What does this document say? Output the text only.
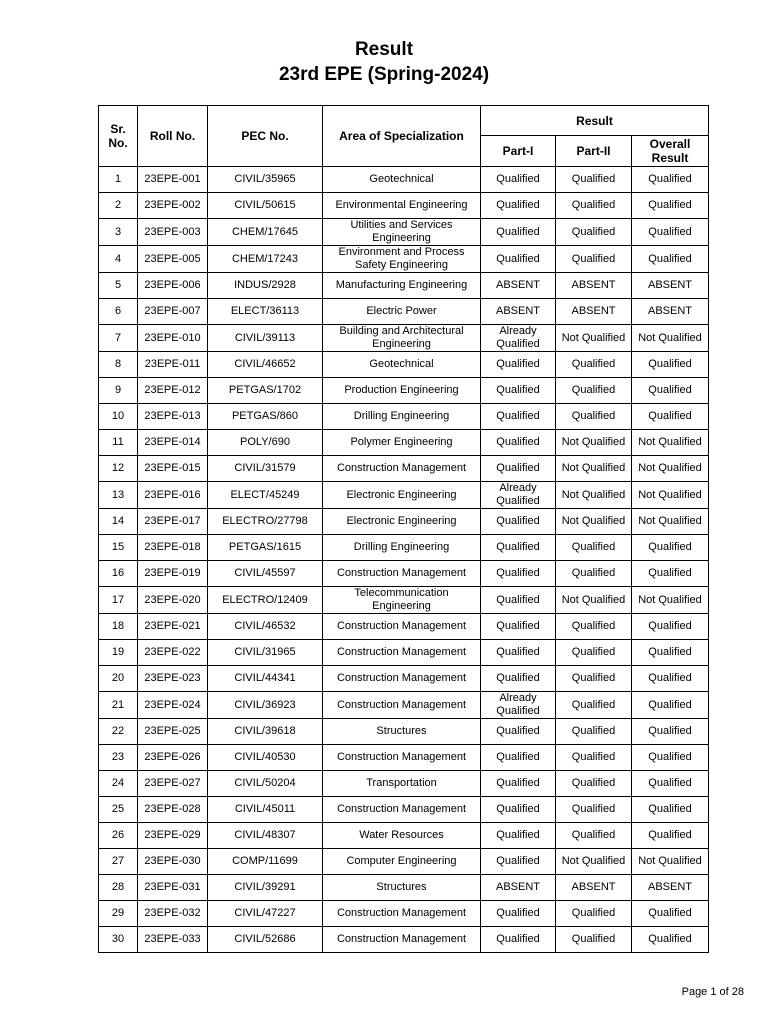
Result
23rd EPE (Spring-2024)
Sr. No.	Roll No.	PEC No.	Area of Specialization	Result		
				Part-I	Part-II	Overall Result
1	23EPE-001	CIVIL/35965	Geotechnical	Qualified	Qualified	Qualified
2	23EPE-002	CIVIL/50615	Environmental Engineering	Qualified	Qualified	Qualified
3	23EPE-003	CHEM/17645	Utilities and Services Engineering	Qualified	Qualified	Qualified
4	23EPE-005	CHEM/17243	Environment and Process Safety Engineering	Qualified	Qualified	Qualified
5	23EPE-006	INDUS/2928	Manufacturing Engineering	ABSENT	ABSENT	ABSENT
6	23EPE-007	ELECT/36113	Electric Power	ABSENT	ABSENT	ABSENT
7	23EPE-010	CIVIL/39113	Building and Architectural Engineering	Already Qualified	Not Qualified	Not Qualified
8	23EPE-011	CIVIL/46652	Geotechnical	Qualified	Qualified	Qualified
9	23EPE-012	PETGAS/1702	Production Engineering	Qualified	Qualified	Qualified
10	23EPE-013	PETGAS/860	Drilling Engineering	Qualified	Qualified	Qualified
11	23EPE-014	POLY/690	Polymer Engineering	Qualified	Not Qualified	Not Qualified
12	23EPE-015	CIVIL/31579	Construction Management	Qualified	Not Qualified	Not Qualified
13	23EPE-016	ELECT/45249	Electronic Engineering	Already Qualified	Not Qualified	Not Qualified
14	23EPE-017	ELECTRO/27798	Electronic Engineering	Qualified	Not Qualified	Not Qualified
15	23EPE-018	PETGAS/1615	Drilling Engineering	Qualified	Qualified	Qualified
16	23EPE-019	CIVIL/45597	Construction Management	Qualified	Qualified	Qualified
17	23EPE-020	ELECTRO/12409	Telecommunication Engineering	Qualified	Not Qualified	Not Qualified
18	23EPE-021	CIVIL/46532	Construction Management	Qualified	Qualified	Qualified
19	23EPE-022	CIVIL/31965	Construction Management	Qualified	Qualified	Qualified
20	23EPE-023	CIVIL/44341	Construction Management	Qualified	Qualified	Qualified
21	23EPE-024	CIVIL/36923	Construction Management	Already Qualified	Qualified	Qualified
22	23EPE-025	CIVIL/39618	Structures	Qualified	Qualified	Qualified
23	23EPE-026	CIVIL/40530	Construction Management	Qualified	Qualified	Qualified
24	23EPE-027	CIVIL/50204	Transportation	Qualified	Qualified	Qualified
25	23EPE-028	CIVIL/45011	Construction Management	Qualified	Qualified	Qualified
26	23EPE-029	CIVIL/48307	Water Resources	Qualified	Qualified	Qualified
27	23EPE-030	COMP/11699	Computer Engineering	Qualified	Not Qualified	Not Qualified
28	23EPE-031	CIVIL/39291	Structures	ABSENT	ABSENT	ABSENT
29	23EPE-032	CIVIL/47227	Construction Management	Qualified	Qualified	Qualified
30	23EPE-033	CIVIL/52686	Construction Management	Qualified	Qualified	Qualified
Page 1 of 28
